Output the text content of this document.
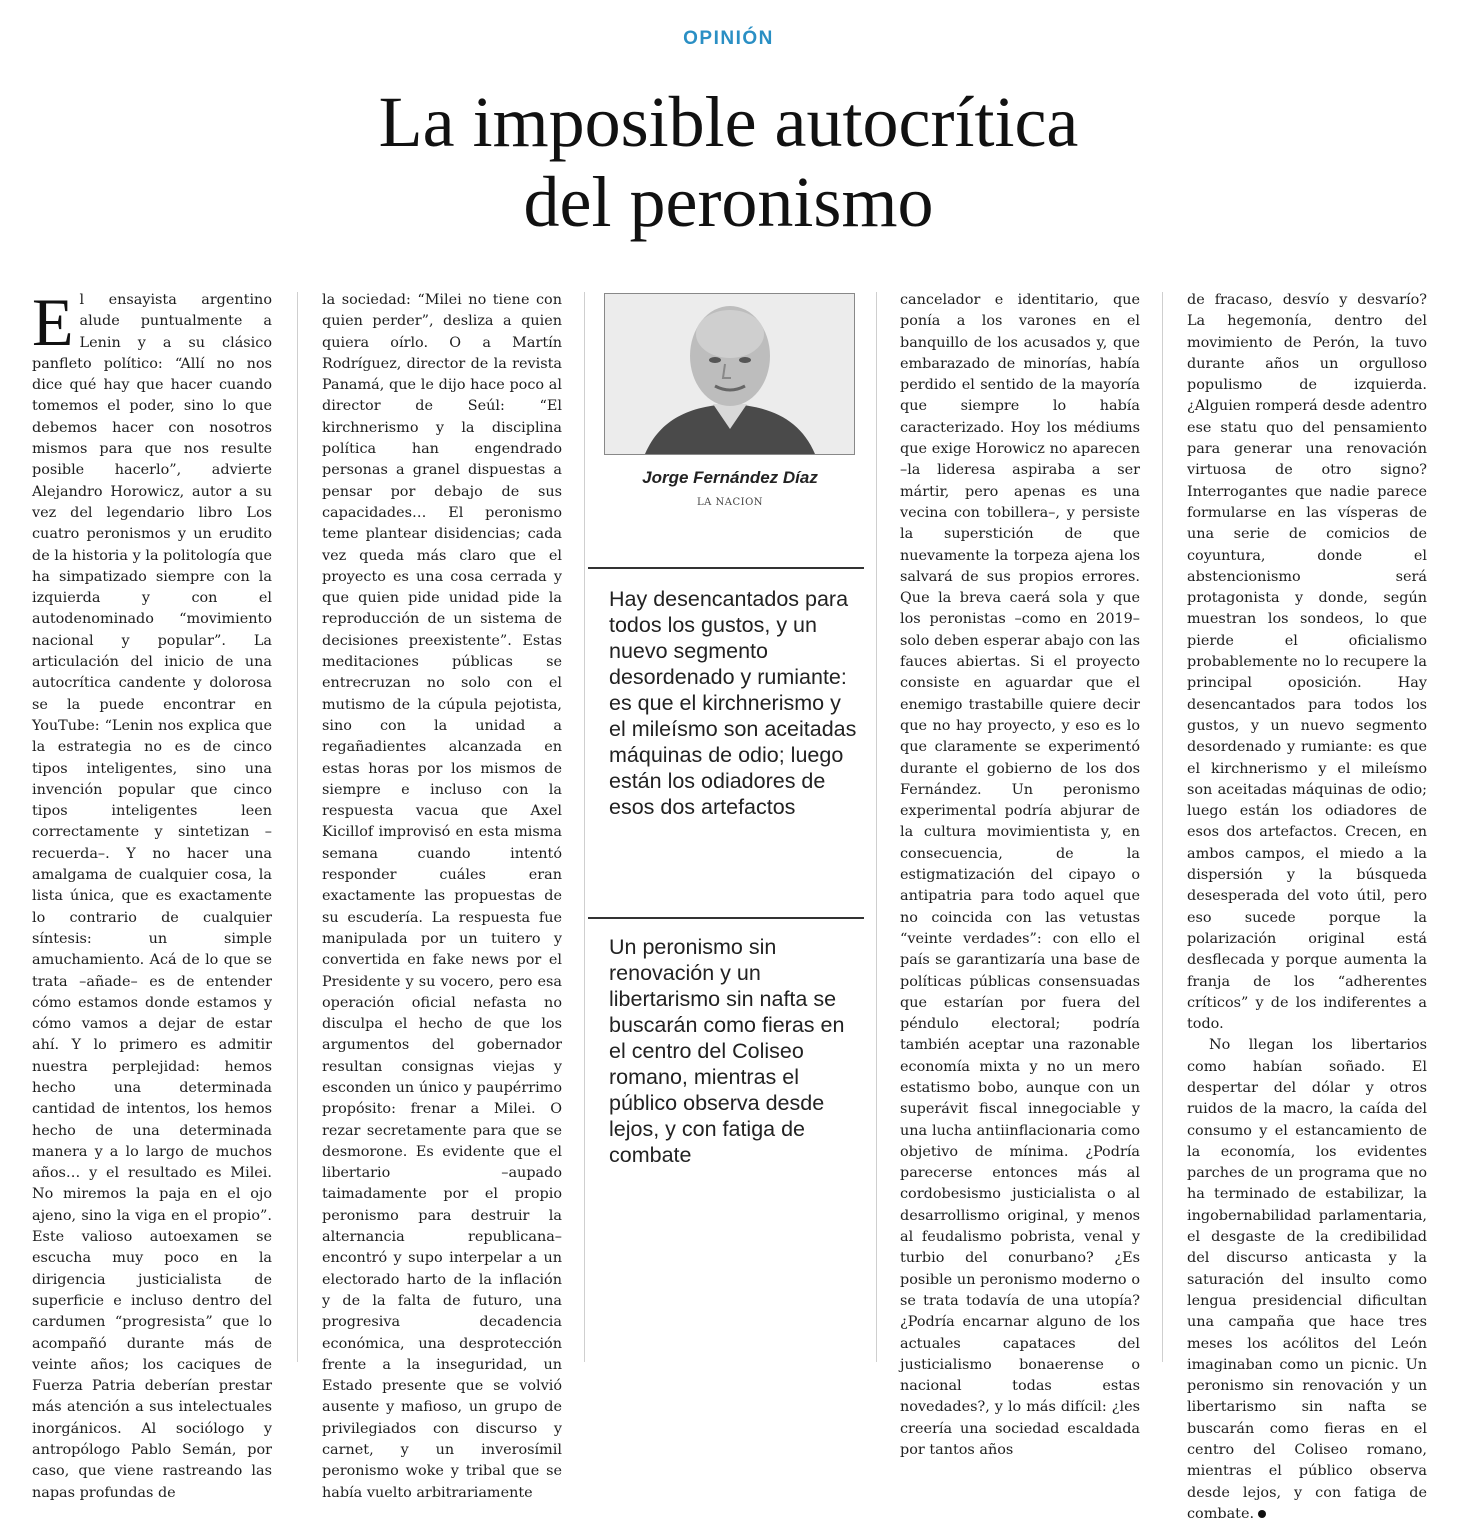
OPINIÓN
La imposible autocrítica
del peronismo

El ensayista argentino alude puntualmente a Lenin y a su clásico panfleto político: “Allí no nos dice qué hay que hacer cuando tomemos el poder, sino lo que debemos hacer con nosotros mismos para que nos resulte posible hacerlo”, advierte Alejandro Horowicz, autor a su vez del legendario libro Los cuatro peronismos y un erudito de la historia y la politología que ha simpatizado siempre con la izquierda y con el autodenominado “movimiento nacional y popular”. La articulación del inicio de una autocrítica candente y dolorosa se la puede encontrar en YouTube: “Lenin nos explica que la estrategia no es de cinco tipos inteligentes, sino una invención popular que cinco tipos inteligentes leen correctamente y sintetizan –recuerda–. Y no hacer una amalgama de cualquier cosa, la lista única, que es exactamente lo contrario de cualquier síntesis: un simple amuchamiento. Acá de lo que se trata –añade– es de entender cómo estamos donde estamos y cómo vamos a dejar de estar ahí. Y lo primero es admitir nuestra perplejidad: hemos hecho una determinada cantidad de intentos, los hemos hecho de una determinada manera y a lo largo de muchos años… y el resultado es Milei. No miremos la paja en el ojo ajeno, sino la viga en el propio”. Este valioso autoexamen se escucha muy poco en la dirigencia justicialista de superficie e incluso dentro del cardumen “progresista” que lo acompañó durante más de veinte años; los caciques de Fuerza Patria deberían prestar más atención a sus intelectuales inorgánicos. Al sociólogo y antropólogo Pablo Semán, por caso, que viene rastreando las napas profundas de

la sociedad: “Milei no tiene con quien perder”, desliza a quien quiera oírlo. O a Martín Rodríguez, director de la revista Panamá, que le dijo hace poco al director de Seúl: “El kirchnerismo y la disciplina política han engendrado personas a granel dispuestas a pensar por debajo de sus capacidades… El peronismo teme plantear disidencias; cada vez queda más claro que el proyecto es una cosa cerrada y que quien pide unidad pide la reproducción de un sistema de decisiones preexistente”. Estas meditaciones públicas se entrecruzan no solo con el mutismo de la cúpula pejotista, sino con la unidad a regañadientes alcanzada en estas horas por los mismos de siempre e incluso con la respuesta vacua que Axel Kicillof improvisó en esta misma semana cuando intentó responder cuáles eran exactamente las propuestas de su escudería. La respuesta fue manipulada por un tuitero y convertida en fake news por el Presidente y su vocero, pero esa operación oficial nefasta no disculpa el hecho de que los argumentos del gobernador resultan consignas viejas y esconden un único y paupérrimo propósito: frenar a Milei. O rezar secretamente para que se desmorone. Es evidente que el libertario –aupado taimadamente por el propio peronismo para destruir la alternancia republicana– encontró y supo interpelar a un electorado harto de la inflación y de la falta de futuro, una progresiva decadencia económica, una desprotección frente a la inseguridad, un Estado presente que se volvió ausente y mafioso, un grupo de privilegiados con discurso y carnet, y un inverosímil peronismo woke y tribal que se había vuelto arbitrariamente

Jorge Fernández Díaz
LA NACION
Hay desencantados para todos los gustos, y un nuevo segmento desordenado y rumiante: es que el kirchnerismo y el mileísmo son aceitadas máquinas de odio; luego están los odiadores de esos dos artefactos
Un peronismo sin renovación y un libertarismo sin nafta se buscarán como fieras en el centro del Coliseo romano, mientras el público observa desde lejos, y con fatiga de combate

cancelador e identitario, que ponía a los varones en el banquillo de los acusados y, que embarazado de minorías, había perdido el sentido de la mayoría que siempre lo había caracterizado. Hoy los médiums que exige Horowicz no aparecen –la lideresa aspiraba a ser mártir, pero apenas es una vecina con tobillera–, y persiste la superstición de que nuevamente la torpeza ajena los salvará de sus propios errores. Que la breva caerá sola y que los peronistas –como en 2019– solo deben esperar abajo con las fauces abiertas. Si el proyecto consiste en aguardar que el enemigo trastabille quiere decir que no hay proyecto, y eso es lo que claramente se experimentó durante el gobierno de los dos Fernández. Un peronismo experimental podría abjurar de la cultura movimientista y, en consecuencia, de la estigmatización del cipayo o antipatria para todo aquel que no coincida con las vetustas “veinte verdades”: con ello el país se garantizaría una base de políticas públicas consensuadas que estarían por fuera del péndulo electoral; podría también aceptar una razonable economía mixta y no un mero estatismo bobo, aunque con un superávit fiscal innegociable y una lucha antiinflacionaria como objetivo de mínima. ¿Podría parecerse entonces más al cordobesismo justicialista o al desarrollismo original, y menos al feudalismo pobrista, venal y turbio del conurbano? ¿Es posible un peronismo moderno o se trata todavía de una utopía? ¿Podría encarnar alguno de los actuales capataces del justicialismo bonaerense o nacional todas estas novedades?, y lo más difícil: ¿les creería una sociedad escaldada por tantos años

de fracaso, desvío y desvarío? La hegemonía, dentro del movimiento de Perón, la tuvo durante años un orgulloso populismo de izquierda. ¿Alguien romperá desde adentro ese statu quo del pensamiento para generar una renovación virtuosa de otro signo? Interrogantes que nadie parece formularse en las vísperas de una serie de comicios de coyuntura, donde el abstencionismo será protagonista y donde, según muestran los sondeos, lo que pierde el oficialismo probablemente no lo recupere la principal oposición. Hay desencantados para todos los gustos, y un nuevo segmento desordenado y rumiante: es que el kirchnerismo y el mileísmo son aceitadas máquinas de odio; luego están los odiadores de esos dos artefactos. Crecen, en ambos campos, el miedo a la dispersión y la búsqueda desesperada del voto útil, pero eso sucede porque la polarización original está desflecada y porque aumenta la franja de los “adherentes críticos” y de los indiferentes a todo.

No llegan los libertarios como habían soñado. El despertar del dólar y otros ruidos de la macro, la caída del consumo y el estancamiento de la economía, los evidentes parches de un programa que no ha terminado de estabilizar, la ingobernabilidad parlamentaria, el desgaste de la credibilidad del discurso anticasta y la saturación del insulto como lengua presidencial dificultan una campaña que hace tres meses los acólitos del León imaginaban como un picnic. Un peronismo sin renovación y un libertarismo sin nafta se buscarán como fieras en el centro del Coliseo romano, mientras el público observa desde lejos, y con fatiga de combate.
